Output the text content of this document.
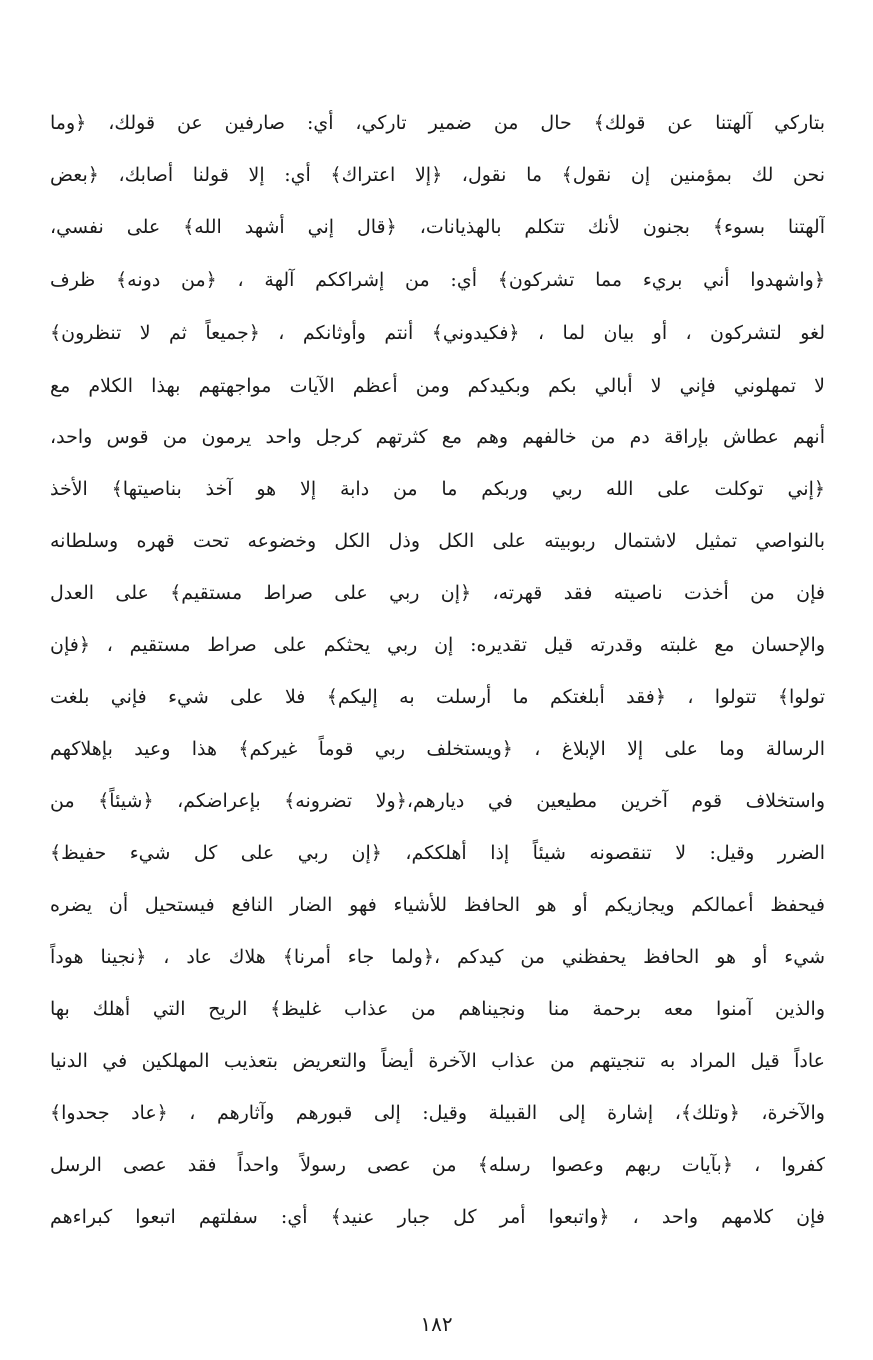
بتاركي آلهتنا عن قولك﴾ حال من ضمير تاركي، أي: صارفين عن قولك، ﴿وما
نحن لك بمؤمنين إن نقول﴾ ما نقول، ﴿إلا اعتراك﴾ أي: إلا قولنا أصابك، ﴿بعض
آلهتنا بسوء﴾ بجنون لأنك تتكلم بالهذيانات، ﴿قال إني أشهد الله﴾ على نفسي،
﴿واشهدوا أني بريء مما تشركون﴾ أي: من إشراككم آلهة ، ﴿من دونه﴾ ظرف
لغو لتشركون ، أو بيان لما ، ﴿فكيدوني﴾ أنتم وأوثانكم ، ﴿جميعاً ثم لا تنظرون﴾
لا تمهلوني فإني لا أبالي بكم وبكيدكم ومن أعظم الآيات مواجهتهم بهذا الكلام مع
أنهم عطاش بإراقة دم من خالفهم وهم مع كثرتهم كرجل واحد يرمون من قوس واحد،
﴿إني توكلت على الله ربي وربكم ما من دابة إلا هو آخذ بناصيتها﴾ الأخذ
بالنواصي تمثيل لاشتمال ربوبيته على الكل وذل الكل وخضوعه تحت قهره وسلطانه
فإن من أخذت ناصيته فقد قهرته، ﴿إن ربي على صراط مستقيم﴾ على العدل
والإحسان مع غلبته وقدرته قيل تقديره: إن ربي يحثكم على صراط مستقيم ، ﴿فإن
تولوا﴾ تتولوا ، ﴿فقد أبلغتكم ما أرسلت به إليكم﴾ فلا على شيء فإني بلغت
الرسالة وما على إلا الإبلاغ ، ﴿ويستخلف ربي قوماً غيركم﴾ هذا وعيد بإهلاكهم
واستخلاف قوم آخرين مطيعين في ديارهم،﴿ولا تضرونه﴾ بإعراضكم، ﴿شيئاً﴾ من
الضرر وقيل: لا تنقصونه شيئاً إذا أهلككم، ﴿إن ربي على كل شيء حفيظ﴾
فيحفظ أعمالكم ويجازيكم أو هو الحافظ للأشياء فهو الضار النافع فيستحيل أن يضره
شيء أو هو الحافظ يحفظني من كيدكم ،﴿ولما جاء أمرنا﴾ هلاك عاد ، ﴿نجينا هوداً
والذين آمنوا معه برحمة منا ونجيناهم من عذاب غليظ﴾ الريح التي أهلك بها
عاداً قيل المراد به تنجيتهم من عذاب الآخرة أيضاً والتعريض بتعذيب المهلكين في الدنيا
والآخرة، ﴿وتلك﴾، إشارة إلى القبيلة وقيل: إلى قبورهم وآثارهم ، ﴿عاد جحدوا﴾
كفروا ، ﴿بآيات ربهم وعصوا رسله﴾ من عصى رسولاً واحداً فقد عصى الرسل
فإن كلامهم واحد ، ﴿واتبعوا أمر كل جبار عنيد﴾ أي: سفلتهم اتبعوا كبراءهم
١٨٢
